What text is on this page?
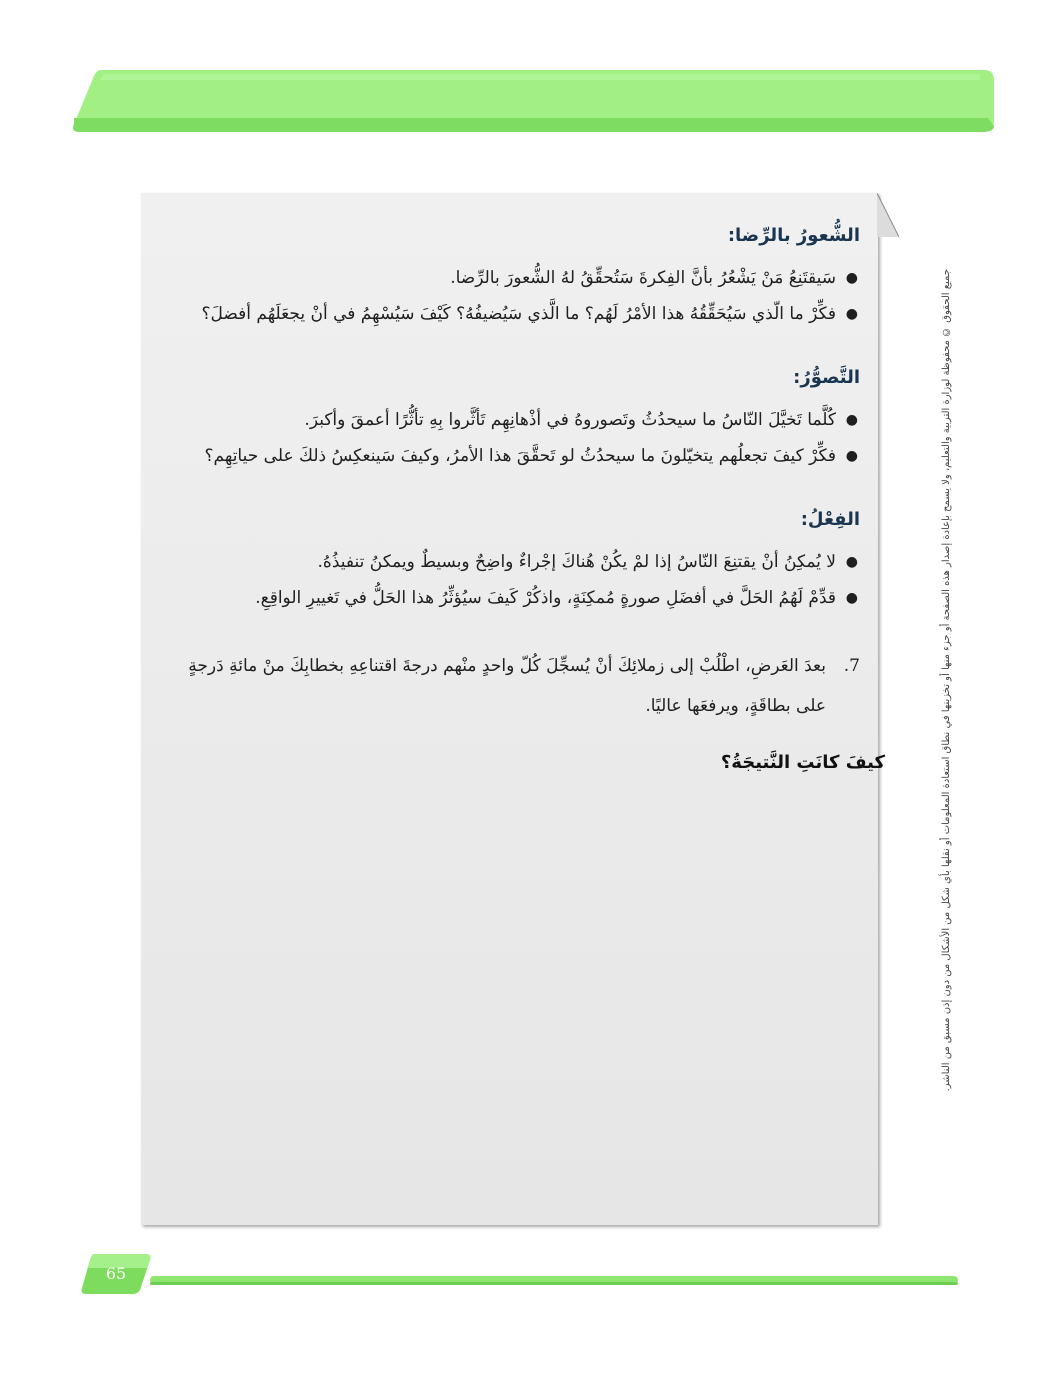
الشُّعورُ بالرِّضا:
●
سَيقتَنِعُ مَنْ يَشْعُرُ بأنَّ الفِكرةَ سَتُحقِّقُ لهُ الشُّعورَ بالرِّضا.
●
فكِّرْ ما الّذي سَيُحَقِّقُهُ هذا الأمْرُ لَهُم؟ ما الَّذي سَيُضيفُهُ؟ كَيْفَ سَيُسْهِمُ في أنْ يجعَلَهُم أفضلَ؟
التَّصوُّرُ:
●
كُلَّما تَخيَّلَ النّاسُ ما سيحدُثُ وتَصوروهُ في أذْهانِهِم تَأثَّروا بِهِ تأثُّرًا أعمقَ وأكبرَ.
●
فكِّرْ كيفَ تجعلُهم يتخيّلونَ ما سيحدُثُ لو تَحقَّقَ هذا الأمرُ، وكيفَ سَينعكِسُ ذلكَ على حياتِهِم؟
الفِعْلُ:
●
لا يُمكِنُ أنْ يقتنِعَ النّاسُ إذا لمْ يكُنْ هُناكَ إجْراءٌ واضِحٌ وبسيطٌ ويمكنُ تنفيذُهُ.
●
قدِّمْ لَهُمُ الحَلَّ في أفضَلِ صورةٍ مُمكِنَةٍ، واذكُرْ كَيفَ سيُؤثِّرُ هذا الحَلُّ في تَغييرِ الواقِعِ.
7.
بعدَ العَرضِ، اطْلُبْ إلى زملائِكَ أنْ يُسجِّلَ كُلّ واحدٍ منْهم درجةَ اقتناعِهِ بخطابِكَ منْ مائةِ دَرجةٍ على بطاقَةٍ، ويرفعَها عاليًا.
كيفَ كانَتِ النَّتيجَةُ؟	جميع الحقوق © محفوظة لوزارة التربية والتعليم، ولا يسمح بإعادة إصدار هذه الصفحة أو جزء منها أو تخزينها في نطاق استعادة المعلومات أو نقلها بأي شكل من الأشكال من دون إذن مسبق من الناشر.
65
